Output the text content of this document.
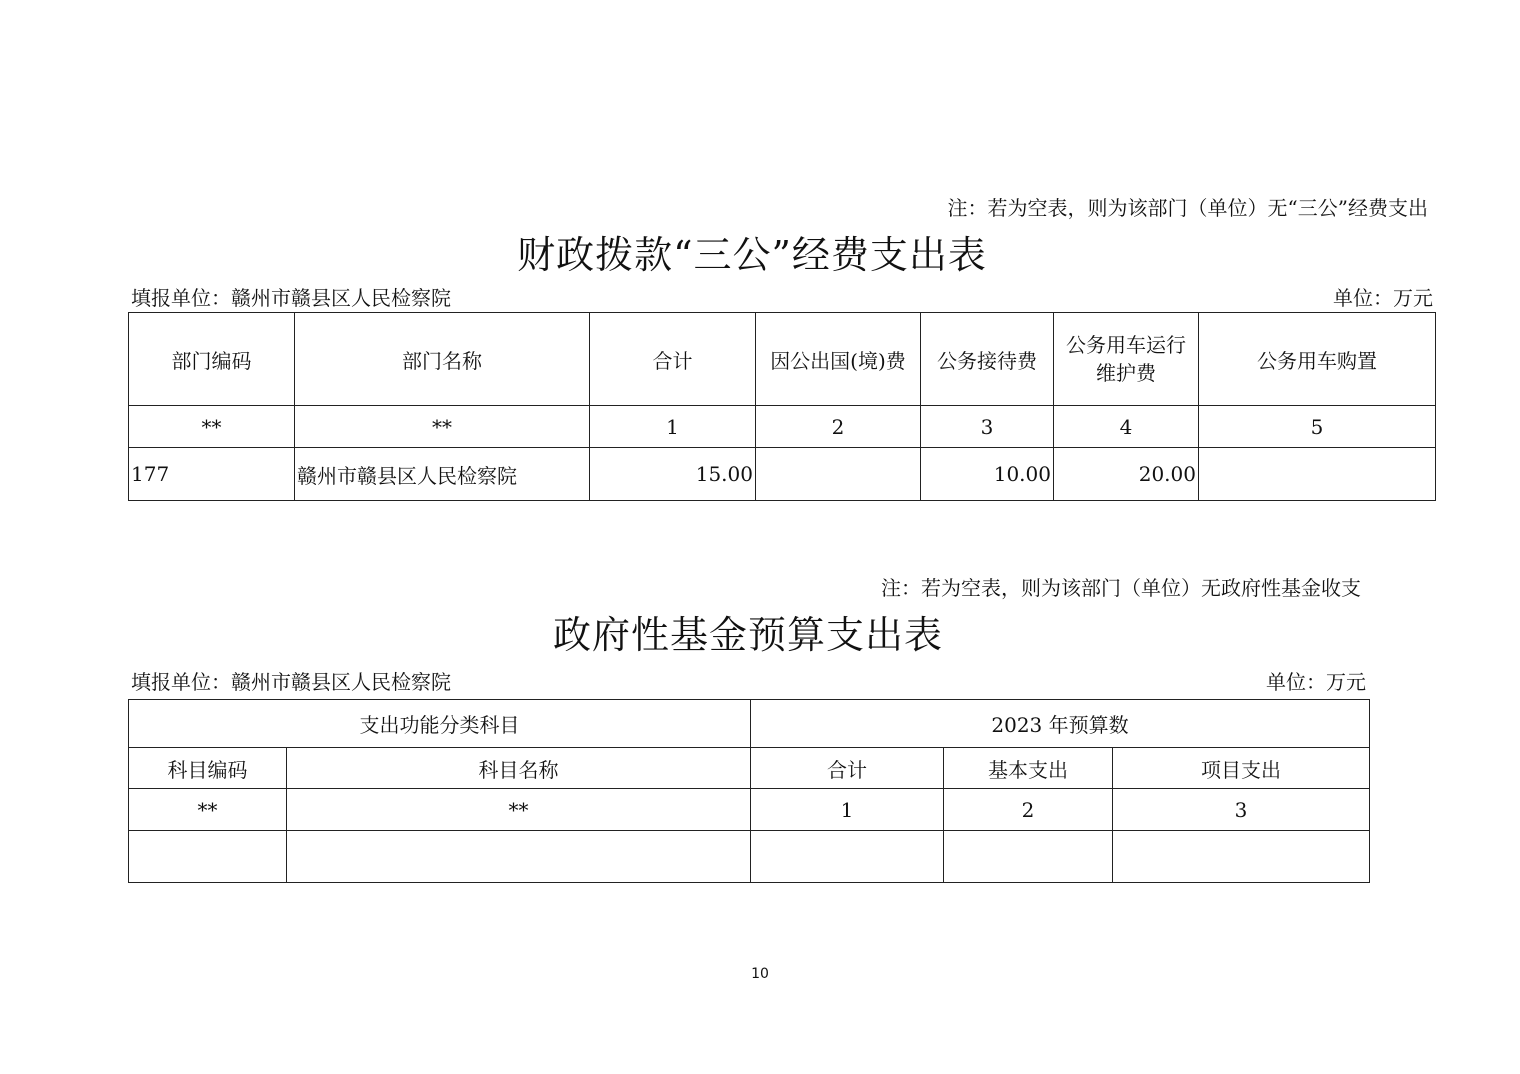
注：若为空表，则为该部门（单位）无“三公”经费支出
财政拨款“三公”经费支出表
填报单位：赣州市赣县区人民检察院	单位：万元
部门编码	部门名称	合计	因公出国(境)费	公务接待费	公务用车运行维护费	公务用车购置
**	**	1	2	3	4	5
177	赣州市赣县区人民检察院	15.00		10.00	20.00	
注：若为空表，则为该部门（单位）无政府性基金收支
政府性基金预算支出表
填报单位：赣州市赣县区人民检察院	单位：万元
支出功能分类科目		2023 年预算数		
科目编码	科目名称	合计	基本支出	项目支出
**	**	1	2	3

10
